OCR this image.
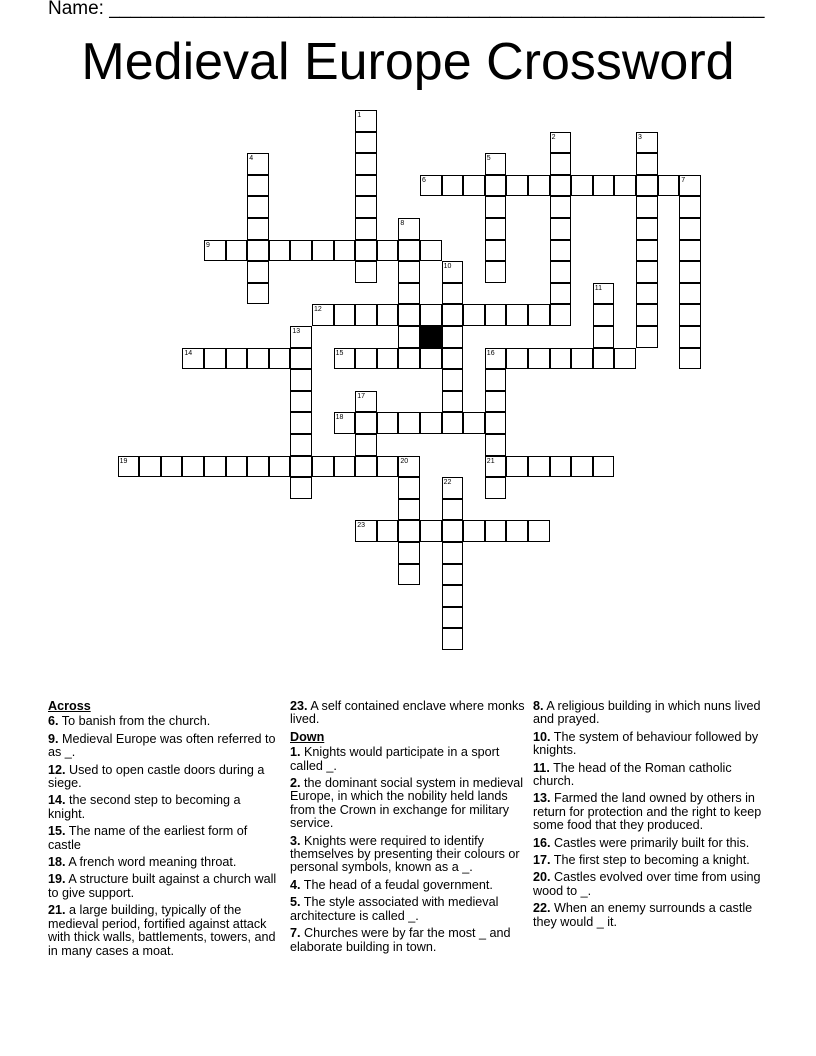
Name: ______________________________________________________________
Medieval Europe Crossword
1
2	3
4	5
6	7
8
9
10
11
12
13
14	15	16
17
18
19	20	21
22
23
Across
6. To banish from the church.
9. Medieval Europe was often referred to as _.
12. Used to open castle doors during a siege.
14. the second step to becoming a knight.
15. The name of the earliest form of castle
18. A french word meaning throat.
19. A structure built against a church wall to give support.
21. a large building, typically of the medieval period, fortified against attack with thick walls, battlements, towers, and in many cases a moat.
23. A self contained enclave where monks lived.
Down
1. Knights would participate in a sport called _.
2. the dominant social system in medieval Europe, in which the nobility held lands from the Crown in exchange for military service.
3. Knights were required to identify themselves by presenting their colours or personal symbols, known as a _.
4. The head of a feudal government.
5. The style associated with medieval architecture is called _.
7. Churches were by far the most _ and elaborate building in town.
8. A religious building in which nuns lived and prayed.
10. The system of behaviour followed by knights.
11. The head of the Roman catholic church.
13. Farmed the land owned by others in return for protection and the right to keep some food that they produced.
16. Castles were primarily built for this.
17. The first step to becoming a knight.
20. Castles evolved over time from using wood to _.
22. When an enemy surrounds a castle they would _ it.
